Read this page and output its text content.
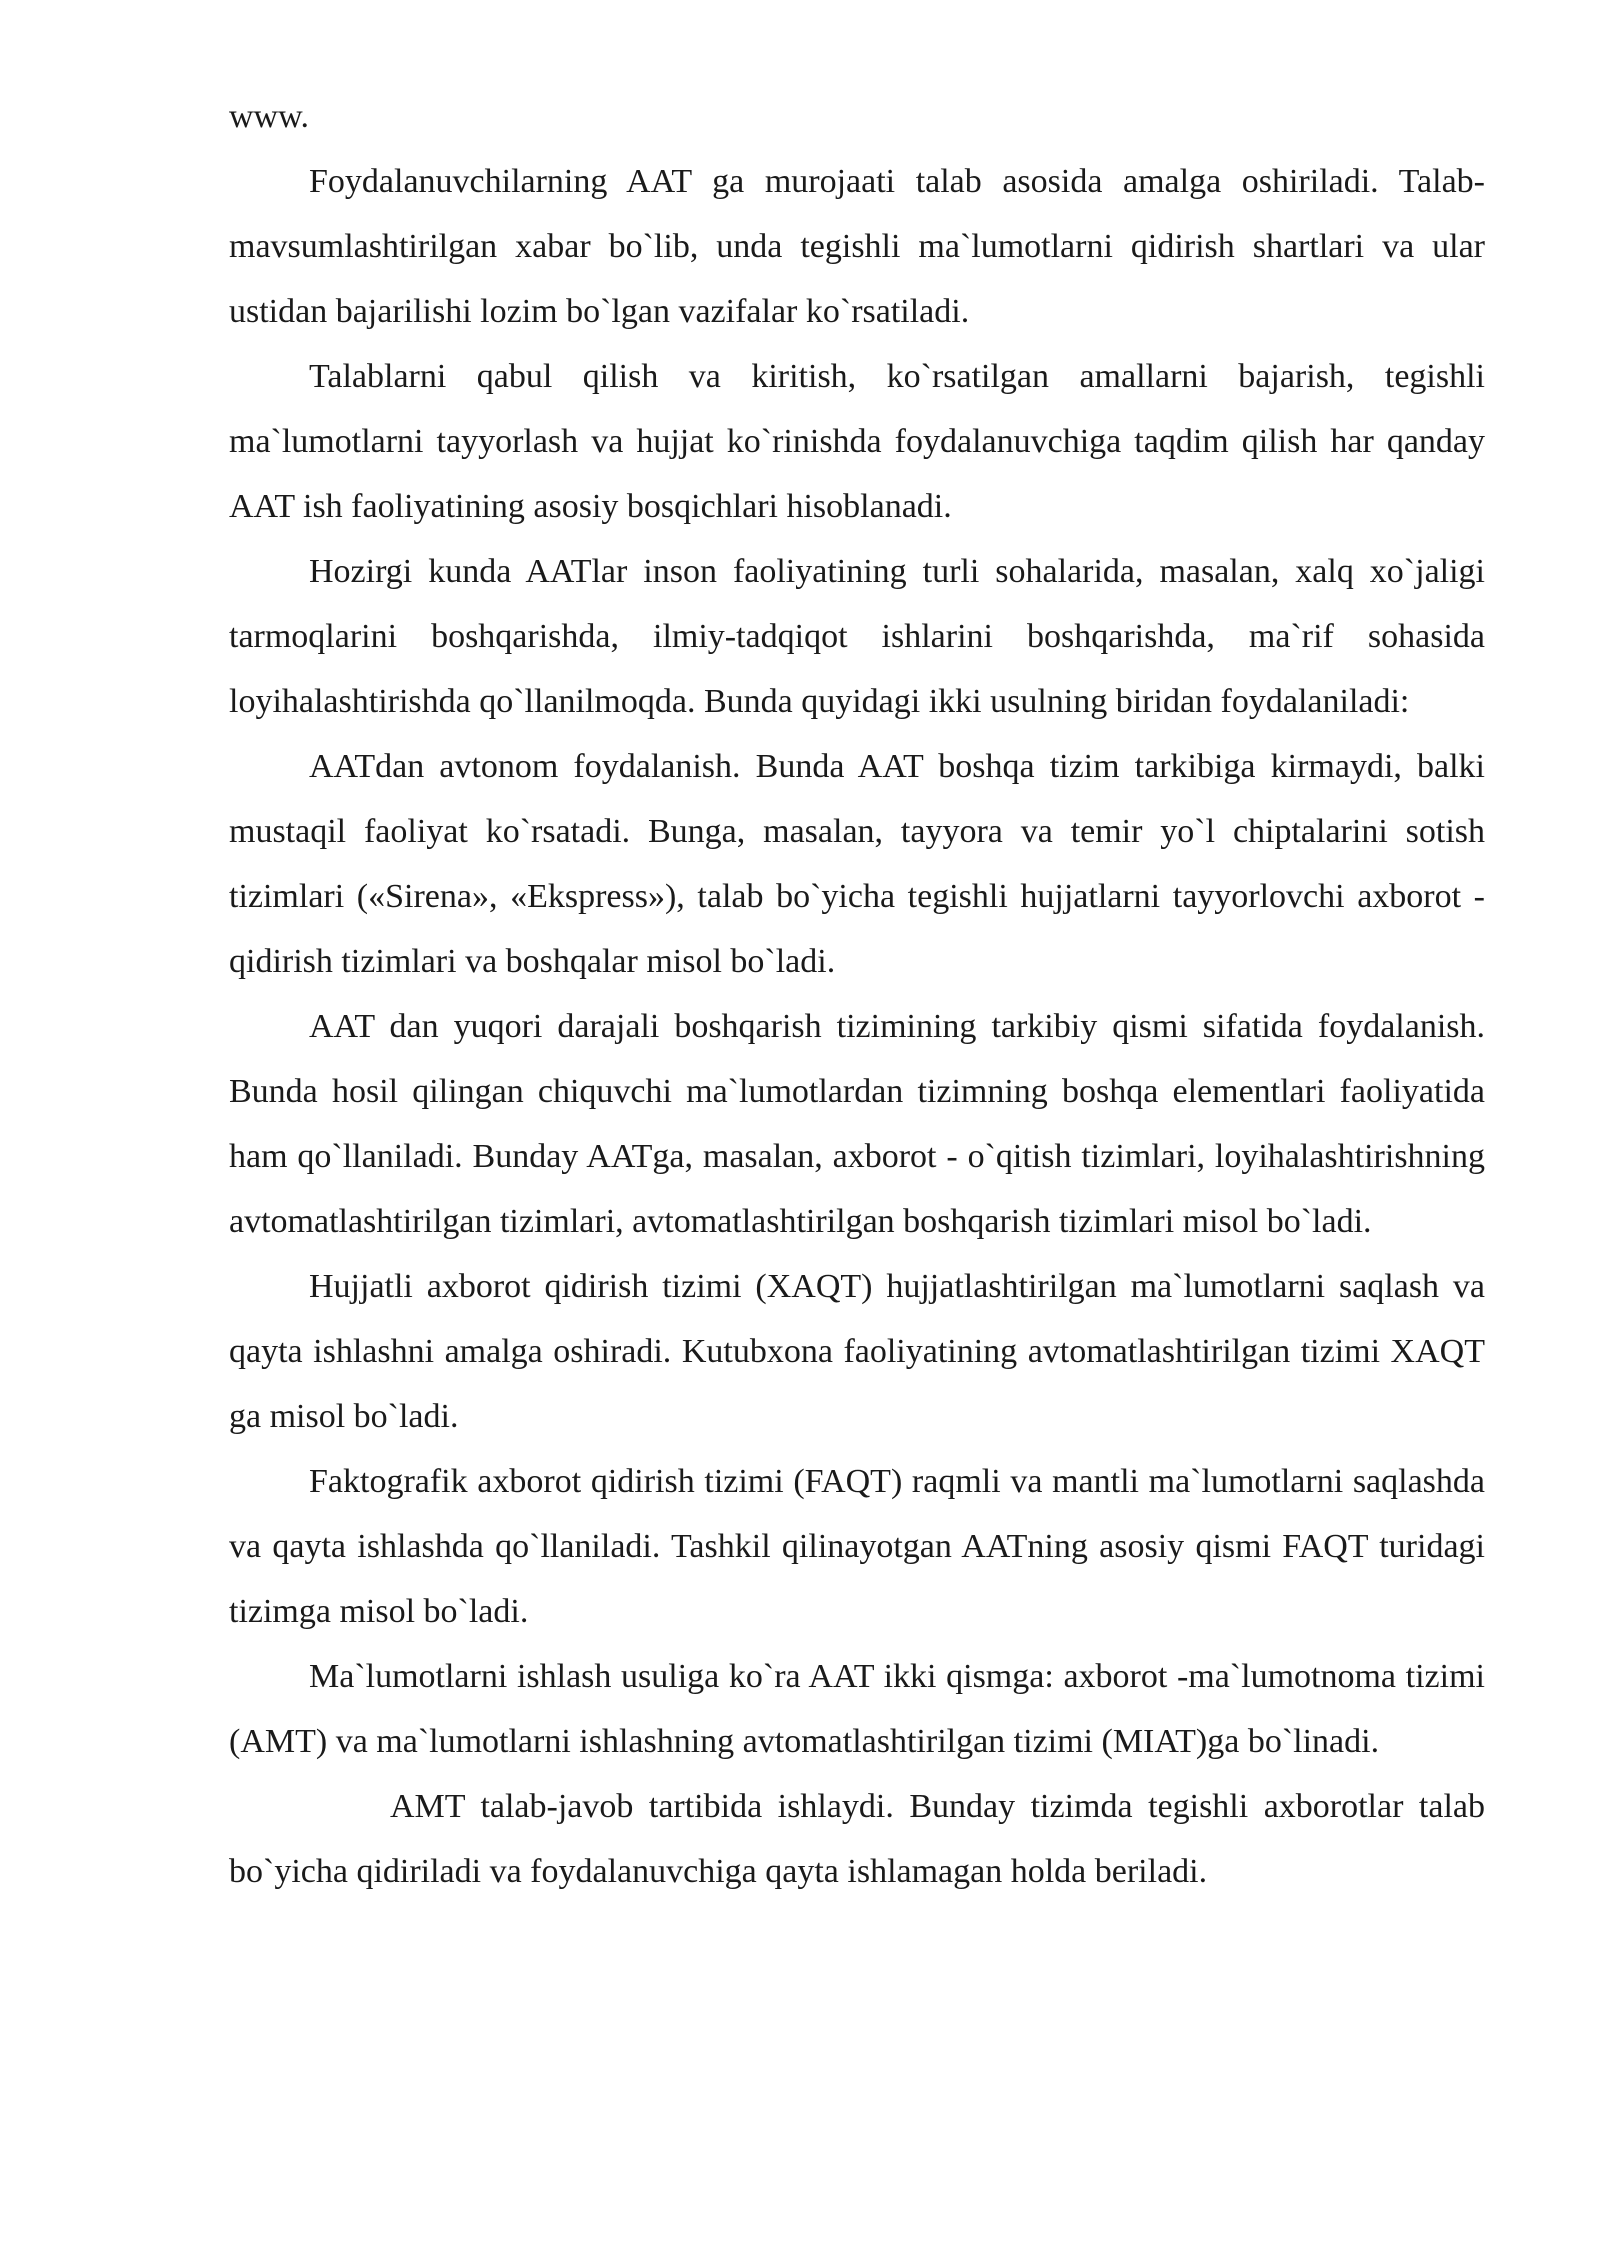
www.

Foydalanuvchilarning AAT ga murojaati talab asosida amalga oshiriladi. Talab-mavsumlashtirilgan xabar bo`lib, unda tegishli ma`lumotlarni qidirish shartlari va ular ustidan bajarilishi lozim bo`lgan vazifalar ko`rsatiladi.

Talablarni qabul qilish va kiritish, ko`rsatilgan amallarni bajarish, tegishli ma`lumotlarni tayyorlash va hujjat ko`rinishda foydalanuvchiga taqdim qilish har qanday AAT ish faoliyatining asosiy bosqichlari hisoblanadi.

Hozirgi kunda AATlar inson faoliyatining turli sohalarida, masalan, xalq xo`jaligi tarmoqlarini boshqarishda, ilmiy-tadqiqot ishlarini boshqarishda, ma`rif sohasida loyihalashtirishda qo`llanilmoqda. Bunda quyidagi ikki usulning biridan foydalaniladi:

AATdan avtonom foydalanish. Bunda AAT boshqa tizim tarkibiga kirmaydi, balki mustaqil faoliyat ko`rsatadi. Bunga, masalan, tayyora va temir yo`l chiptalarini sotish tizimlari («Sirena», «Ekspress»), talab bo`yicha tegishli hujjatlarni tayyorlovchi axborot - qidirish tizimlari va boshqalar misol bo`ladi.

AAT dan yuqori darajali boshqarish tizimining tarkibiy qismi sifatida foydalanish. Bunda hosil qilingan chiquvchi ma`lumotlardan tizimning boshqa elementlari faoliyatida ham qo`llaniladi. Bunday AATga, masalan, axborot - o`qitish tizimlari, loyihalashtirishning avtomatlashtirilgan tizimlari, avtomatlashtirilgan boshqarish tizimlari misol bo`ladi.

Hujjatli axborot qidirish tizimi (XAQT) hujjatlashtirilgan ma`lumotlarni saqlash va qayta ishlashni amalga oshiradi. Kutubxona faoliyatining avtomatlashtirilgan tizimi XAQT ga misol bo`ladi.

Faktografik axborot qidirish tizimi (FAQT) raqmli va mantli ma`lumotlarni saqlashda va qayta ishlashda qo`llaniladi. Tashkil qilinayotgan AATning asosiy qismi FAQT turidagi tizimga misol bo`ladi.

Ma`lumotlarni ishlash usuliga ko`ra AAT ikki qismga: axborot -ma`lumotnoma tizimi (AMT) va ma`lumotlarni ishlashning avtomatlashtirilgan tizimi (MIAT)ga bo`linadi.

AMT talab-javob tartibida ishlaydi. Bunday tizimda tegishli axborotlar talab bo`yicha qidiriladi va foydalanuvchiga qayta ishlamagan holda beriladi.
